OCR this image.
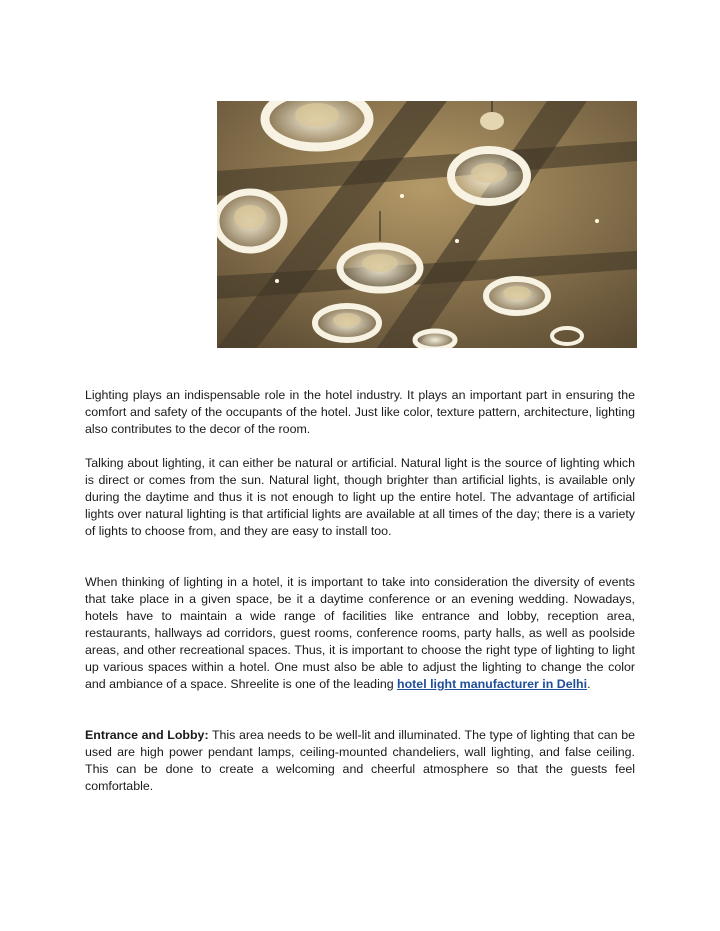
Lighting plays an indispensable role in the hotel industry. It plays an important part in ensuring the comfort and safety of the occupants of the hotel. Just like color, texture pattern, architecture, lighting also contributes to the decor of the room.

Talking about lighting, it can either be natural or artificial. Natural light is the source of lighting which is direct or comes from the sun. Natural light, though brighter than artificial lights, is available only during the daytime and thus it is not enough to light up the entire hotel. The advantage of artificial lights over natural lighting is that artificial lights are available at all times of the day; there is a variety of lights to choose from, and they are easy to install too.

When thinking of lighting in a hotel, it is important to take into consideration the diversity of events that take place in a given space, be it a daytime conference or an evening wedding. Nowadays, hotels have to maintain a wide range of facilities like entrance and lobby, reception area, restaurants, hallways ad corridors, guest rooms, conference rooms, party halls, as well as poolside areas, and other recreational spaces. Thus, it is important to choose the right type of lighting to light up various spaces within a hotel. One must also be able to adjust the lighting to change the color and ambiance of a space. Shreelite is one of the leading hotel light manufacturer in Delhi.

Entrance and Lobby: This area needs to be well-lit and illuminated. The type of lighting that can be used are high power pendant lamps, ceiling-mounted chandeliers, wall lighting, and false ceiling. This can be done to create a welcoming and cheerful atmosphere so that the guests feel comfortable.
